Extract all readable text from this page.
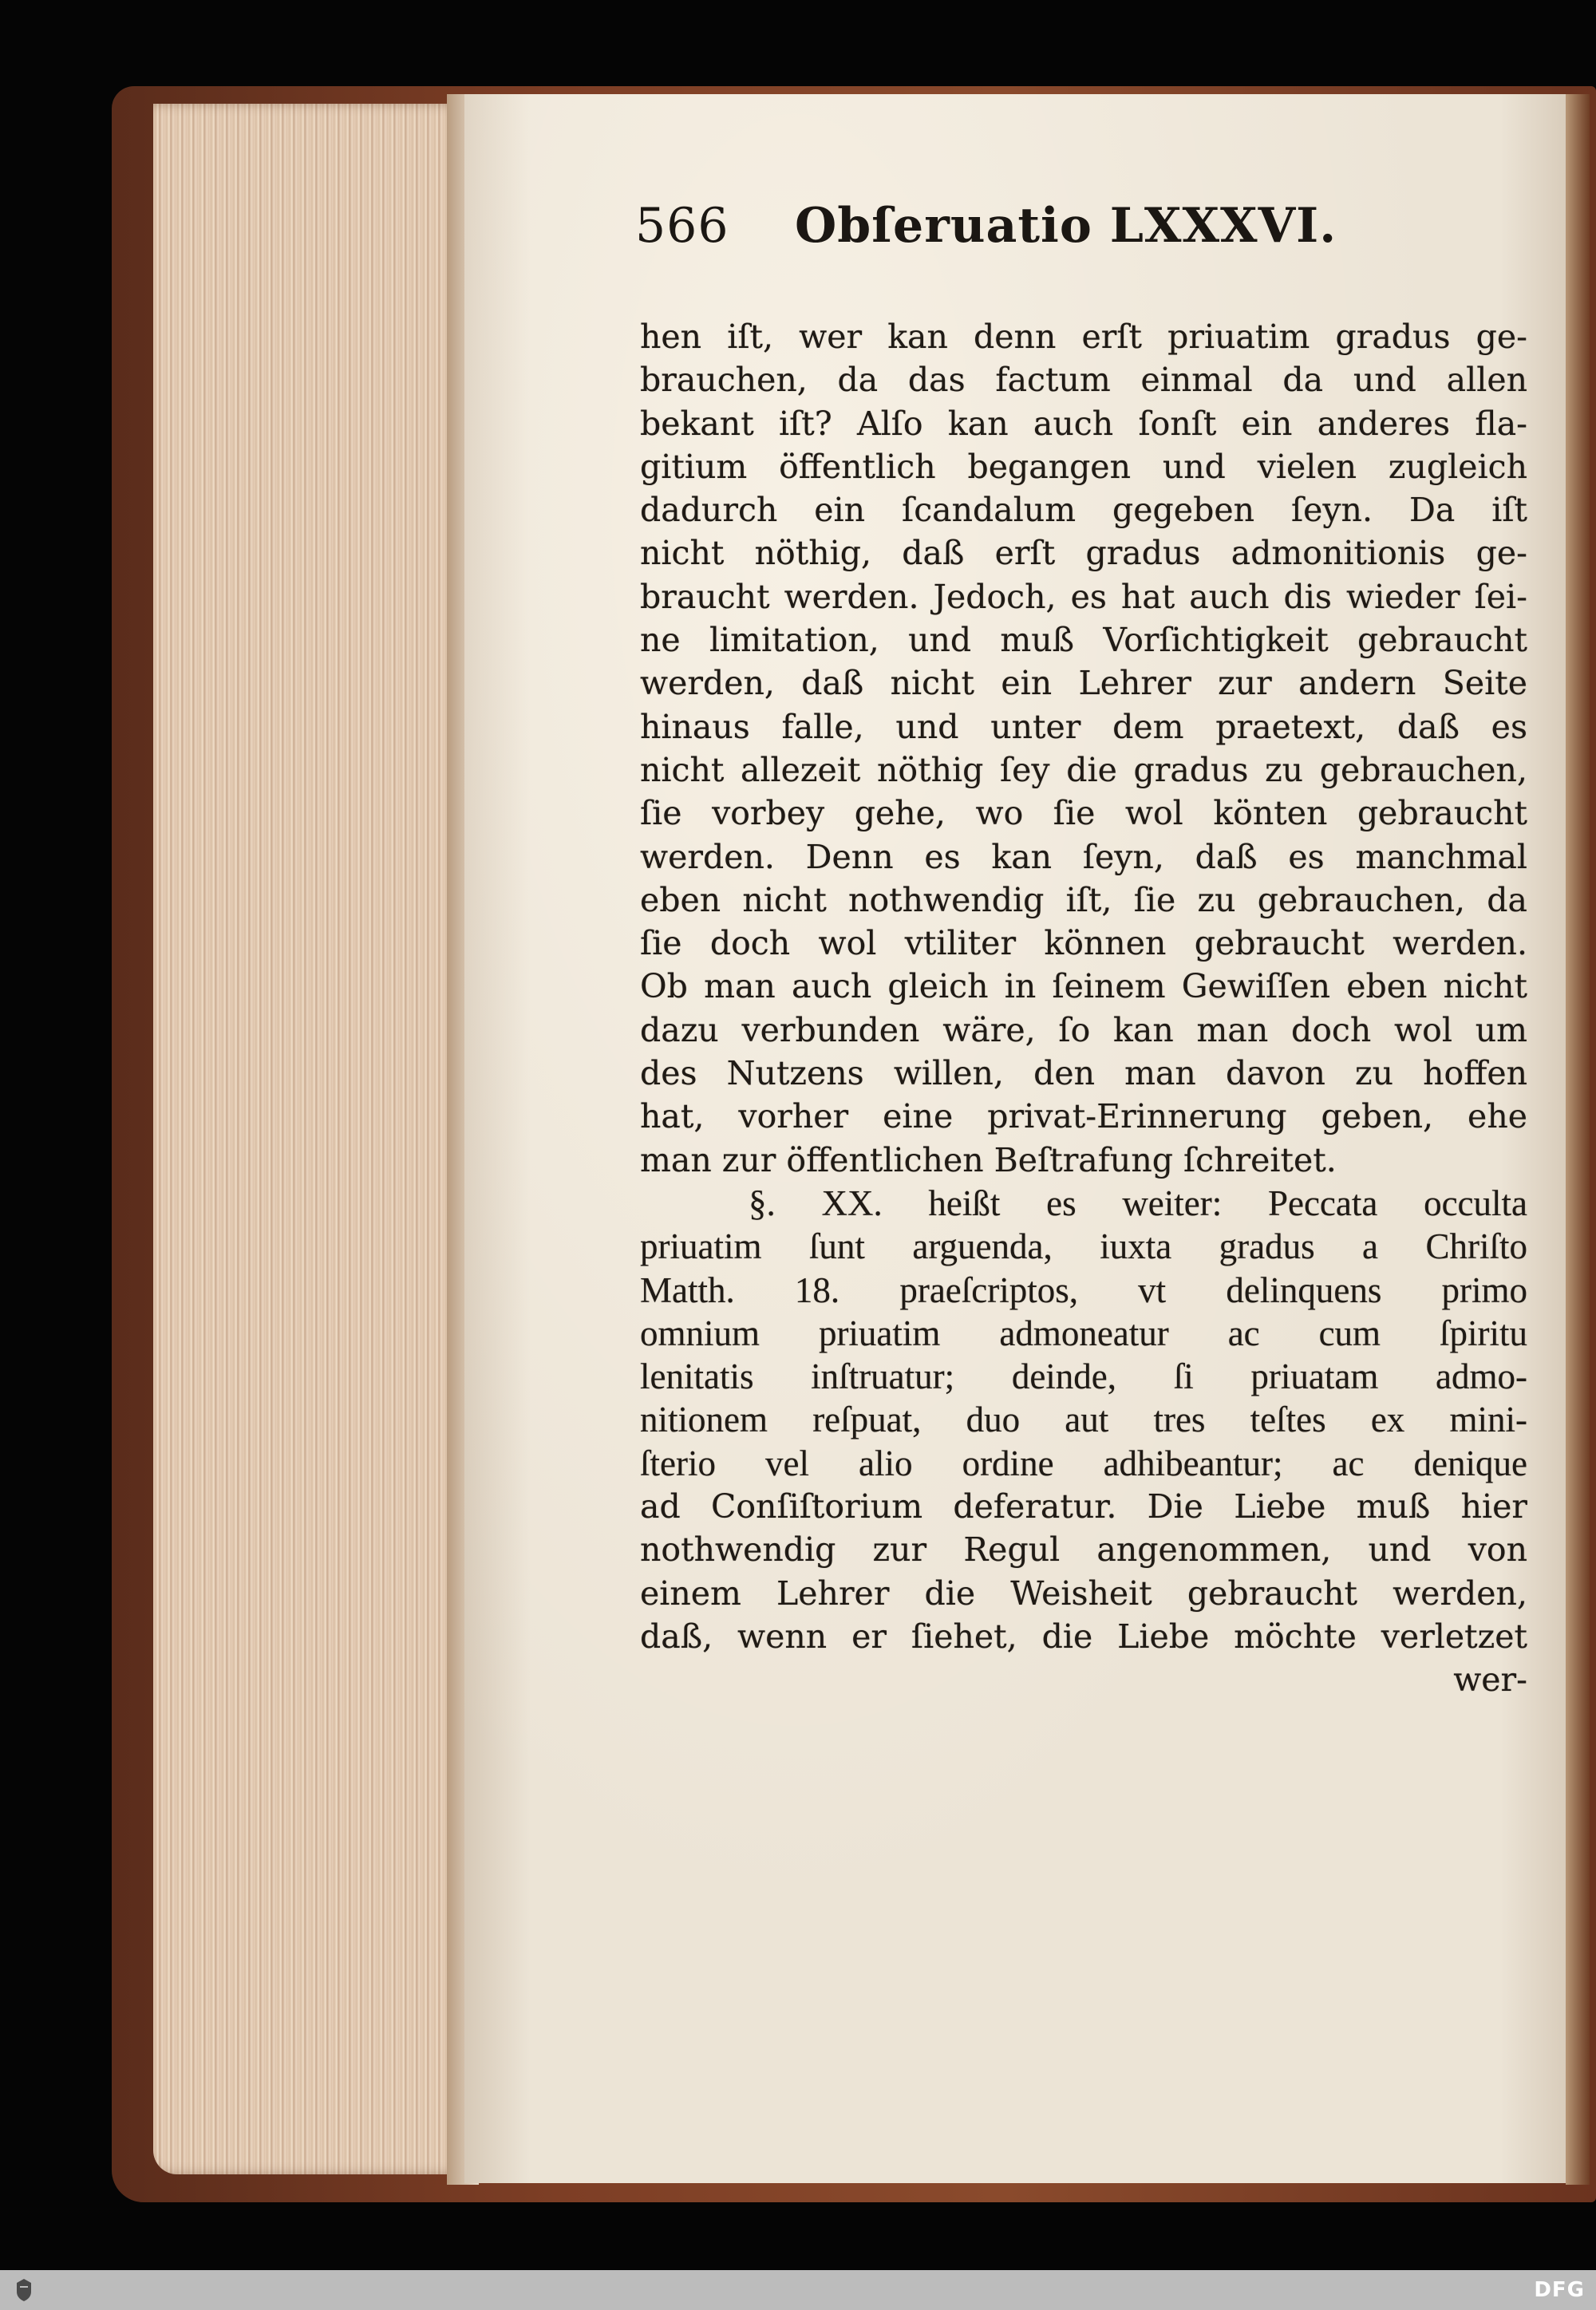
566	Obſeruatio LXXXVI.
hen iſt, wer kan denn erſt priuatim gradus ge-
brauchen, da das factum einmal da und allen
bekant iſt? Alſo kan auch ſonſt ein anderes fla-
gitium öffentlich begangen und vielen zugleich
dadurch ein ſcandalum gegeben ſeyn. Da iſt
nicht nöthig, daß erſt gradus admonitionis ge-
braucht werden. Jedoch, es hat auch dis wieder ſei-
ne limitation, und muß Vorſichtigkeit gebraucht
werden, daß nicht ein Lehrer zur andern Seite
hinaus falle, und unter dem praetext, daß es
nicht allezeit nöthig ſey die gradus zu gebrauchen,
ſie vorbey gehe, wo ſie wol könten gebraucht
werden. Denn es kan ſeyn, daß es manchmal
eben nicht nothwendig iſt, ſie zu gebrauchen, da
ſie doch wol vtiliter können gebraucht werden.
Ob man auch gleich in ſeinem Gewiſſen eben nicht
dazu verbunden wäre, ſo kan man doch wol um
des Nutzens willen, den man davon zu hoffen
hat, vorher eine privat-Erinnerung geben, ehe
man zur öffentlichen Beſtrafung ſchreitet.
§. XX. heißt es weiter: Peccata occulta
priuatim ſunt arguenda, iuxta gradus a Chriſto
Matth. 18. praeſcriptos, vt delinquens primo
omnium priuatim admoneatur ac cum ſpiritu
lenitatis inſtruatur; deinde, ſi priuatam admo-
nitionem reſpuat, duo aut tres teſtes ex mini-
ſterio vel alio ordine adhibeantur; ac denique
ad Conſiſtorium deferatur. Die Liebe muß hier
nothwendig zur Regul angenommen, und von
einem Lehrer die Weisheit gebraucht werden,
daß, wenn er ſiehet, die Liebe möchte verletzet
wer-
DFG
